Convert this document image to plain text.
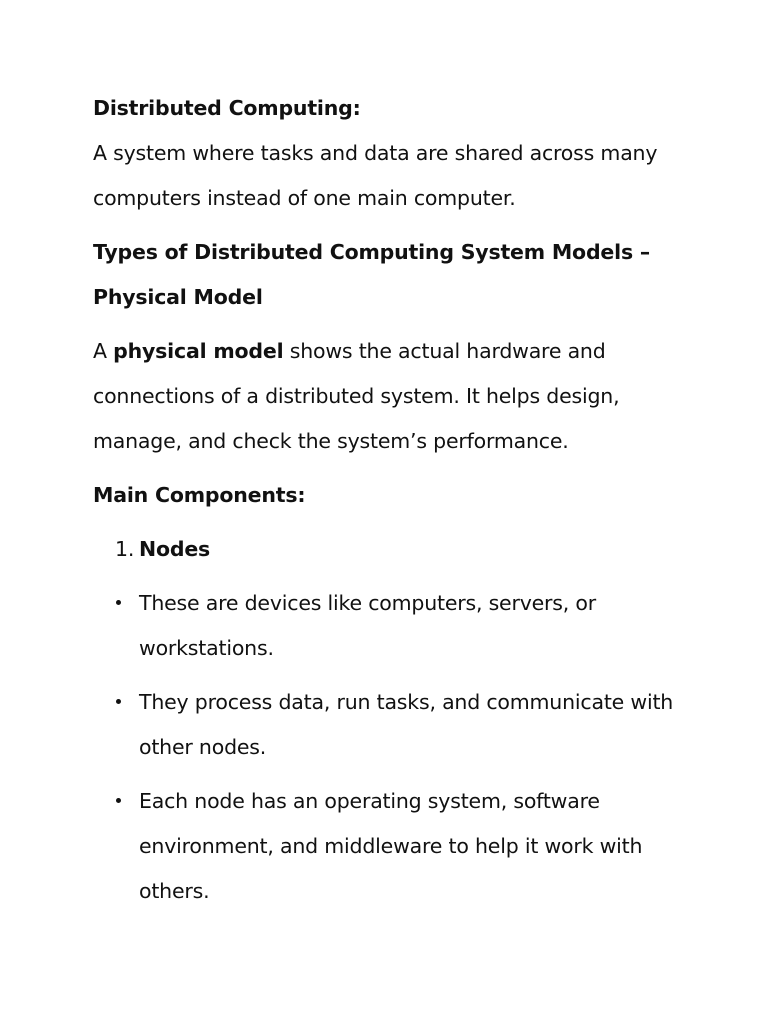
Distributed Computing:

A system where tasks and data are shared across many computers instead of one main computer.

Types of Distributed Computing System Models – Physical Model

A physical model shows the actual hardware and connections of a distributed system. It helps design, manage, and check the system’s performance.

Main Components:

1. Nodes

These are devices like computers, servers, or workstations.

They process data, run tasks, and communicate with other nodes.

Each node has an operating system, software environment, and middleware to help it work with others.
